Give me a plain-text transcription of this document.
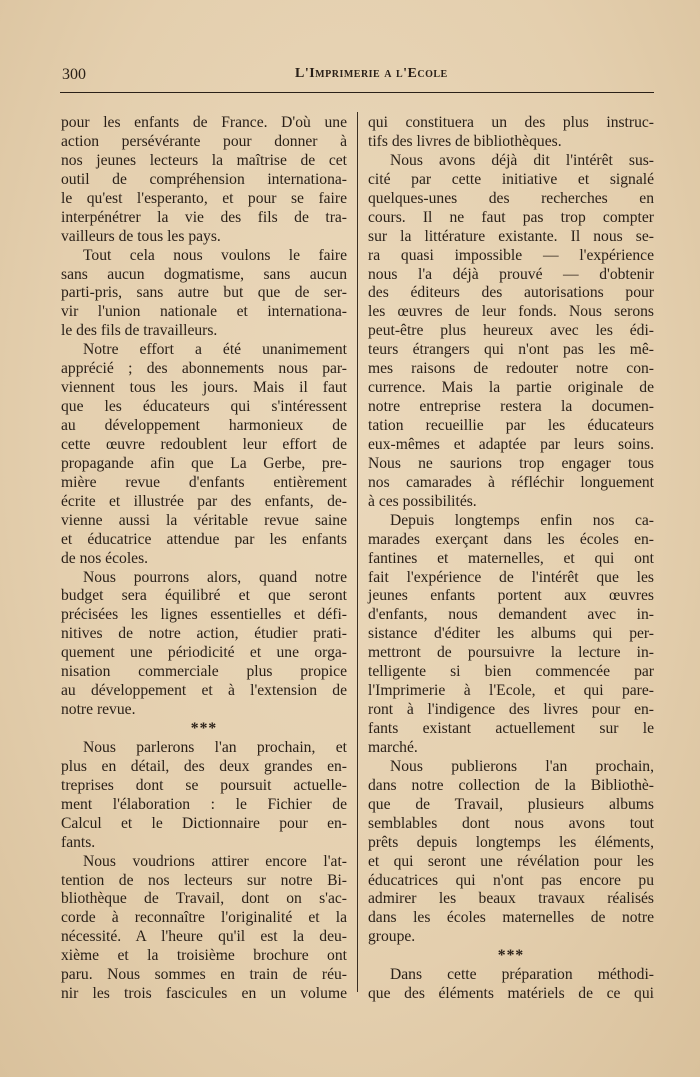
300	L'Imprimerie a l'Ecole
pour les enfants de France. D'où une
action persévérante pour donner à
nos jeunes lecteurs la maîtrise de cet
outil de compréhension internationa-
le qu'est l'esperanto, et pour se faire
interpénétrer la vie des fils de tra-
vailleurs de tous les pays.
Tout cela nous voulons le faire
sans aucun dogmatisme, sans aucun
parti-pris, sans autre but que de ser-
vir l'union nationale et internationa-
le des fils de travailleurs.
Notre effort a été unanimement
apprécié ; des abonnements nous par-
viennent tous les jours. Mais il faut
que les éducateurs qui s'intéressent
au développement harmonieux de
cette œuvre redoublent leur effort de
propagande afin que La Gerbe, pre-
mière revue d'enfants entièrement
écrite et illustrée par des enfants, de-
vienne aussi la véritable revue saine
et éducatrice attendue par les enfants
de nos écoles.
Nous pourrons alors, quand notre
budget sera équilibré et que seront
précisées les lignes essentielles et défi-
nitives de notre action, étudier prati-
quement une périodicité et une orga-
nisation commerciale plus propice
au développement et à l'extension de
notre revue.
***
Nous parlerons l'an prochain, et
plus en détail, des deux grandes en-
treprises dont se poursuit actuelle-
ment l'élaboration : le Fichier de
Calcul et le Dictionnaire pour en-
fants.
Nous voudrions attirer encore l'at-
tention de nos lecteurs sur notre Bi-
bliothèque de Travail, dont on s'ac-
corde à reconnaître l'originalité et la
nécessité. A l'heure qu'il est la deu-
xième et la troisième brochure ont
paru. Nous sommes en train de réu-
nir les trois fascicules en un volume
qui constituera un des plus instruc-
tifs des livres de bibliothèques.
Nous avons déjà dit l'intérêt sus-
cité par cette initiative et signalé
quelques-unes des recherches en
cours. Il ne faut pas trop compter
sur la littérature existante. Il nous se-
ra quasi impossible — l'expérience
nous l'a déjà prouvé — d'obtenir
des éditeurs des autorisations pour
les œuvres de leur fonds. Nous serons
peut-être plus heureux avec les édi-
teurs étrangers qui n'ont pas les mê-
mes raisons de redouter notre con-
currence. Mais la partie originale de
notre entreprise restera la documen-
tation recueillie par les éducateurs
eux-mêmes et adaptée par leurs soins.
Nous ne saurions trop engager tous
nos camarades à réfléchir longuement
à ces possibilités.
Depuis longtemps enfin nos ca-
marades exerçant dans les écoles en-
fantines et maternelles, et qui ont
fait l'expérience de l'intérêt que les
jeunes enfants portent aux œuvres
d'enfants, nous demandent avec in-
sistance d'éditer les albums qui per-
mettront de poursuivre la lecture in-
telligente si bien commencée par
l'Imprimerie à l'Ecole, et qui pare-
ront à l'indigence des livres pour en-
fants existant actuellement sur le
marché.
Nous publierons l'an prochain,
dans notre collection de la Bibliothè-
que de Travail, plusieurs albums
semblables dont nous avons tout
prêts depuis longtemps les éléments,
et qui seront une révélation pour les
éducatrices qui n'ont pas encore pu
admirer les beaux travaux réalisés
dans les écoles maternelles de notre
groupe.
***
Dans cette préparation méthodi-
que des éléments matériels de ce qui
